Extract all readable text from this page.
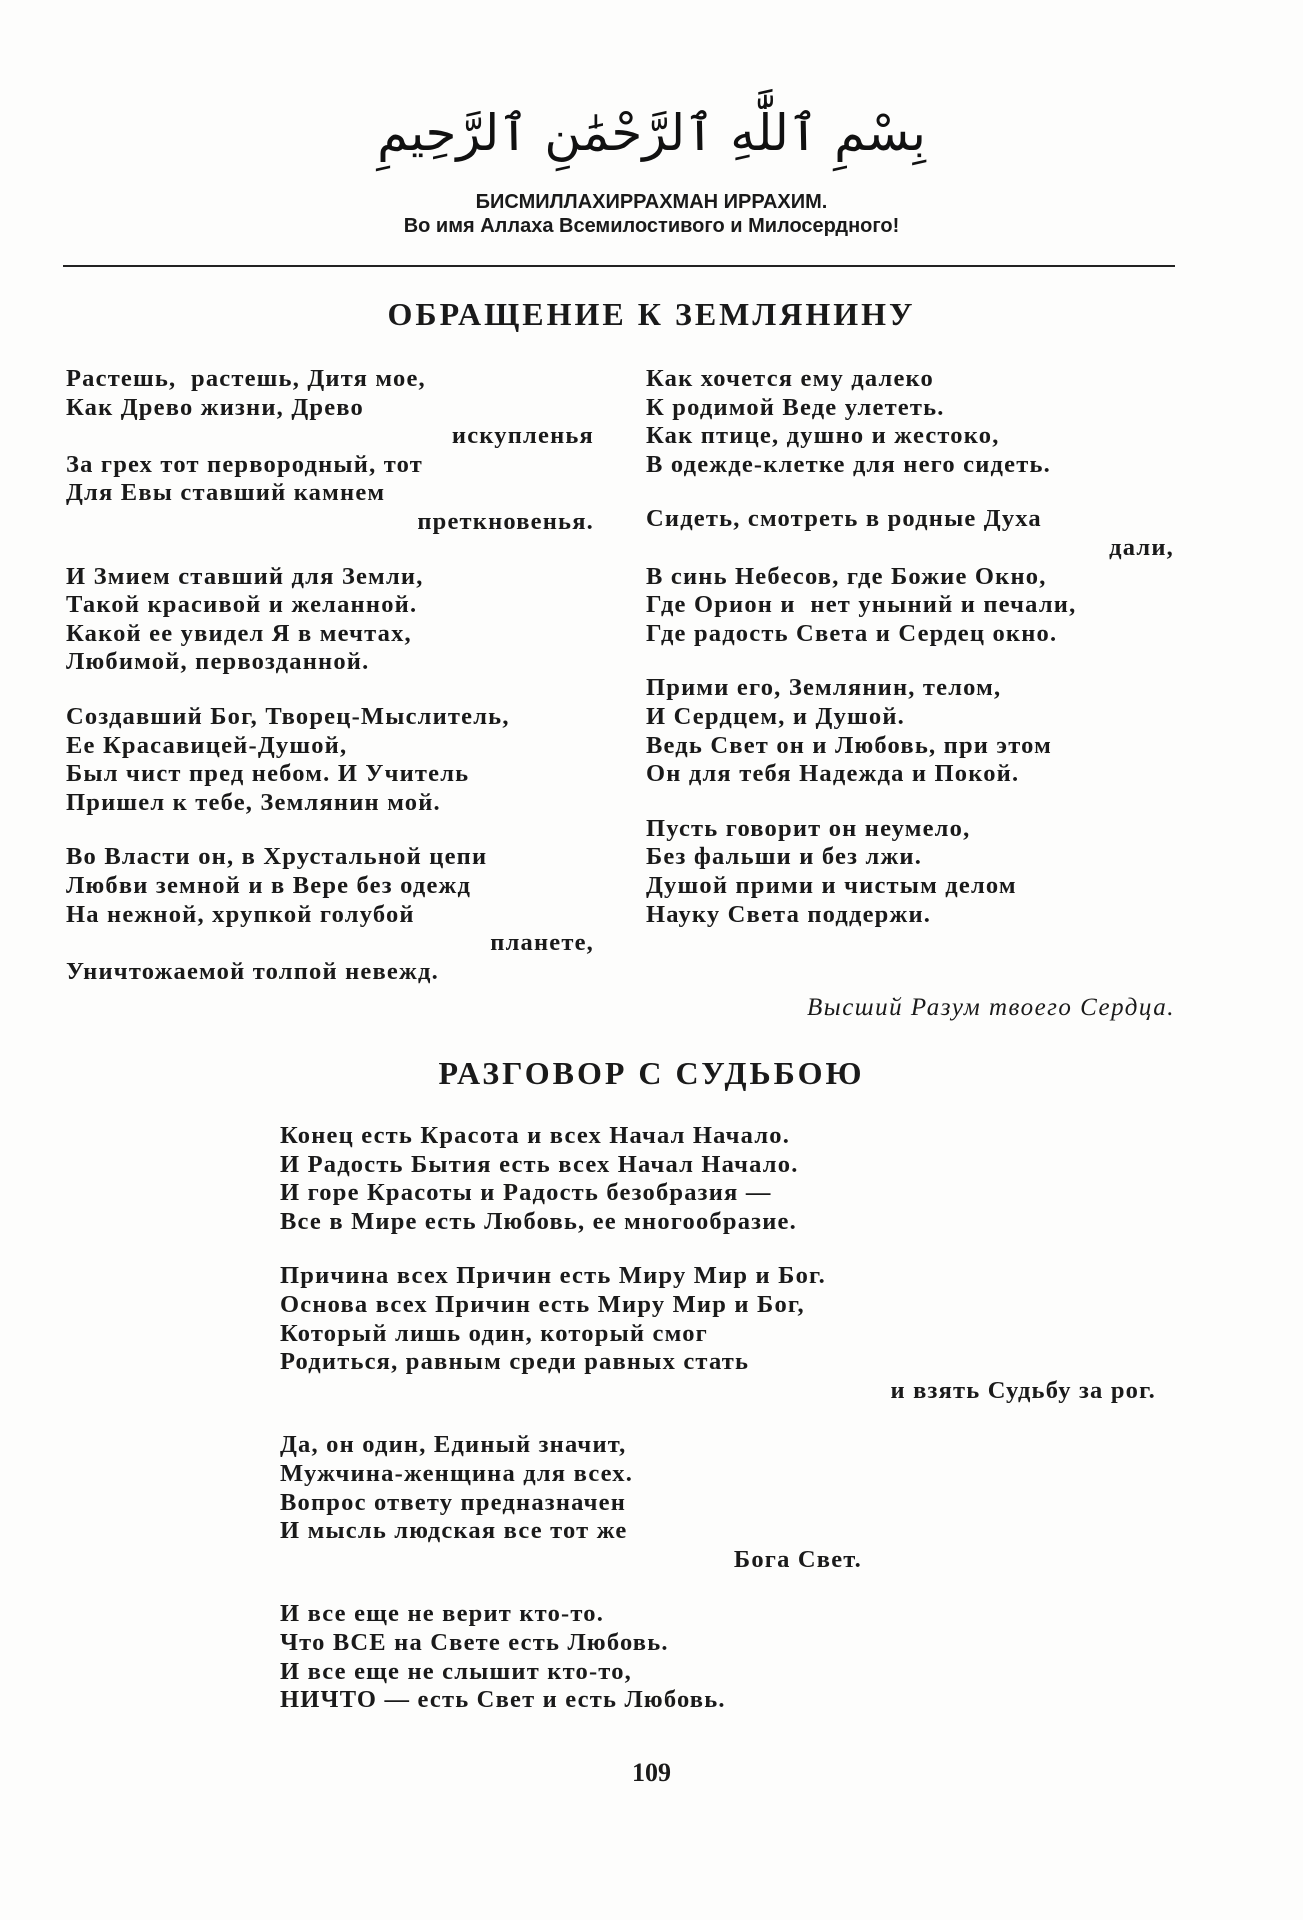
بِسْمِ ٱللَّٰهِ ٱلرَّحْمَٰنِ ٱلرَّحِيمِ
БИСМИЛЛАХИРРАХМАН ИРРАХИМ.
Во имя Аллаха Всемилостивого и Милосердного!
ОБРАЩЕНИЕ К ЗЕМЛЯНИНУ
Растешь,  растешь, Дитя мое,
Как Древо жизни, Древо
искупленья
За грех тот первородный, тот
Для Евы ставший камнем
преткновенья.
И Змием ставший для Земли,
Такой красивой и желанной.
Какой ее увидел Я в мечтах,
Любимой, первозданной.
Создавший Бог, Творец-Мыслитель,
Ее Красавицей-Душой,
Был чист пред небом. И Учитель
Пришел к тебе, Землянин мой.
Во Власти он, в Хрустальной цепи
Любви земной и в Вере без одежд
На нежной, хрупкой голубой
планете,
Уничтожаемой толпой невежд.
Как хочется ему далеко
К родимой Веде улететь.
Как птице, душно и жестоко,
В одежде-клетке для него сидеть.
Сидеть, смотреть в родные Духа
дали,
В синь Небесов, где Божие Окно,
Где Орион и  нет уныний и печали,
Где радость Света и Сердец окно.
Прими его, Землянин, телом,
И Сердцем, и Душой.
Ведь Свет он и Любовь, при этом
Он для тебя Надежда и Покой.
Пусть говорит он неумело,
Без фальши и без лжи.
Душой прими и чистым делом
Науку Света поддержи.
Высший Разум твоего Сердца.
РАЗГОВОР С СУДЬБОЮ
Конец есть Красота и всех Начал Начало.
И Радость Бытия есть всех Начал Начало.
И горе Красоты и Радость безобразия —
Все в Мире есть Любовь, ее многообразие.
Причина всех Причин есть Миру Мир и Бог.
Основа всех Причин есть Миру Мир и Бог,
Который лишь один, который смог
Родиться, равным среди равных стать
и взять Судьбу за рог.
Да, он один, Единый значит,
Мужчина-женщина для всех.
Вопрос ответу предназначен
И мысль людская все тот же
Бога Свет.
И все еще не верит кто-то.
Что ВСЕ на Свете есть Любовь.
И все еще не слышит кто-то,
НИЧТО — есть Свет и есть Любовь.
109
